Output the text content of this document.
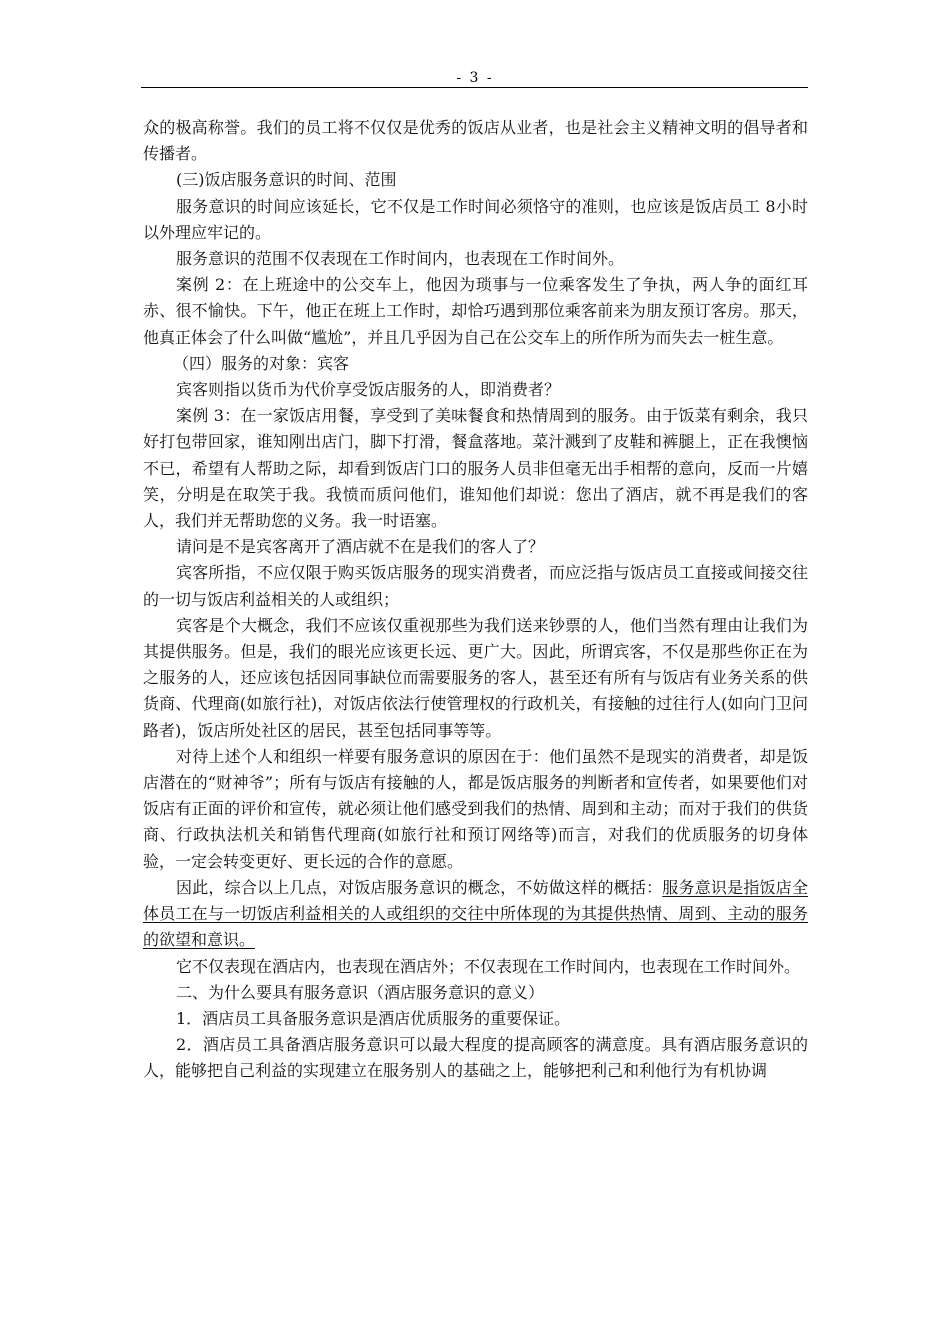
- 3 -

众的极高称誉。我们的员工将不仅仅是优秀的饭店从业者，也是社会主义精神文明的倡导者和传播者。

(三)饭店服务意识的时间、范围

服务意识的时间应该延长，它不仅是工作时间必须恪守的准则，也应该是饭店员工 8小时以外理应牢记的。

服务意识的范围不仅表现在工作时间内，也表现在工作时间外。

案例 2：在上班途中的公交车上，他因为琐事与一位乘客发生了争执，两人争的面红耳赤、很不愉快。下午，他正在班上工作时，却恰巧遇到那位乘客前来为朋友预订客房。那天，他真正体会了什么叫做“尴尬”，并且几乎因为自己在公交车上的所作所为而失去一桩生意。

（四）服务的对象：宾客

宾客则指以货币为代价享受饭店服务的人，即消费者？

案例 3：在一家饭店用餐，享受到了美味餐食和热情周到的服务。由于饭菜有剩余，我只好打包带回家，谁知刚出店门，脚下打滑，餐盒落地。菜汁溅到了皮鞋和裤腿上，正在我懊恼不已，希望有人帮助之际，却看到饭店门口的服务人员非但毫无出手相帮的意向，反而一片嬉笑，分明是在取笑于我。我愤而质问他们，谁知他们却说：您出了酒店，就不再是我们的客人，我们并无帮助您的义务。我一时语塞。

请问是不是宾客离开了酒店就不在是我们的客人了？

宾客所指，不应仅限于购买饭店服务的现实消费者，而应泛指与饭店员工直接或间接交往的一切与饭店利益相关的人或组织；

宾客是个大概念，我们不应该仅重视那些为我们送来钞票的人，他们当然有理由让我们为其提供服务。但是，我们的眼光应该更长远、更广大。因此，所谓宾客，不仅是那些你正在为之服务的人，还应该包括因同事缺位而需要服务的客人，甚至还有所有与饭店有业务关系的供货商、代理商(如旅行社)，对饭店依法行使管理权的行政机关，有接触的过往行人(如向门卫问路者)，饭店所处社区的居民，甚至包括同事等等。

对待上述个人和组织一样要有服务意识的原因在于：他们虽然不是现实的消费者，却是饭店潜在的“财神爷”；所有与饭店有接触的人，都是饭店服务的判断者和宣传者，如果要他们对饭店有正面的评价和宣传，就必须让他们感受到我们的热情、周到和主动；而对于我们的供货商、行政执法机关和销售代理商(如旅行社和预订网络等)而言，对我们的优质服务的切身体验，一定会转变更好、更长远的合作的意愿。

因此，综合以上几点，对饭店服务意识的概念，不妨做这样的概括：服务意识是指饭店全体员工在与一切饭店利益相关的人或组织的交往中所体现的为其提供热情、周到、主动的服务的欲望和意识。

它不仅表现在酒店内，也表现在酒店外；不仅表现在工作时间内，也表现在工作时间外。

二、为什么要具有服务意识（酒店服务意识的意义）

1．酒店员工具备服务意识是酒店优质服务的重要保证。

2．酒店员工具备酒店服务意识可以最大程度的提高顾客的满意度。具有酒店服务意识的人，能够把自己利益的实现建立在服务别人的基础之上，能够把利己和利他行为有机协调
